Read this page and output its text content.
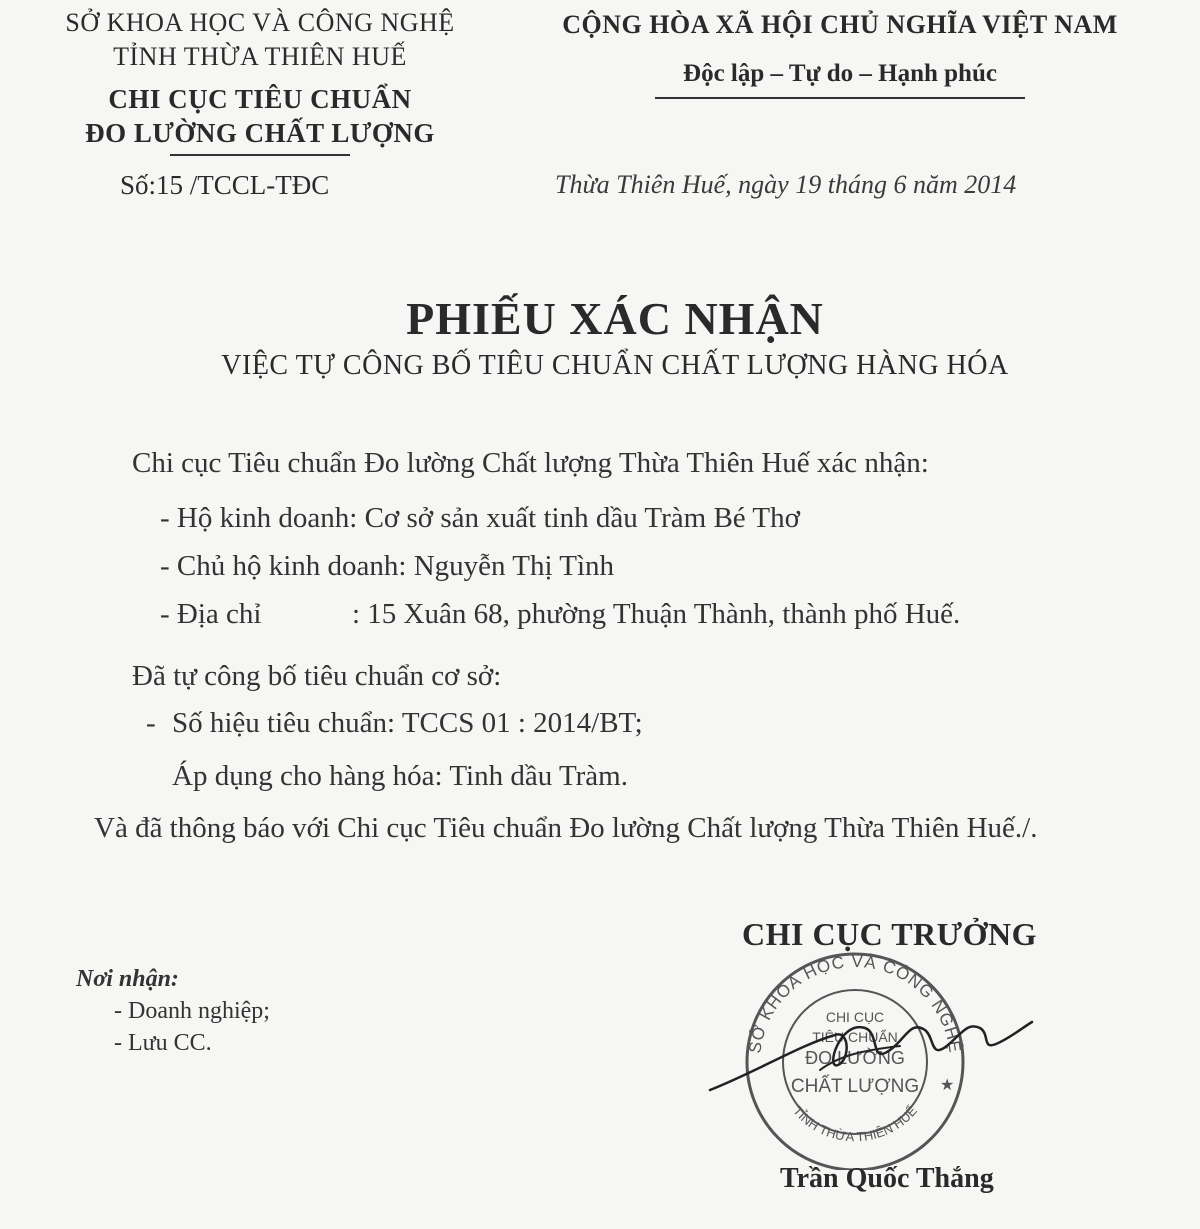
SỞ KHOA HỌC VÀ CÔNG NGHỆ
TỈNH THỪA THIÊN HUẾ
CHI CỤC TIÊU CHUẨN
ĐO LƯỜNG CHẤT LƯỢNG
Số:15 /TCCL-TĐC
CỘNG HÒA XÃ HỘI CHỦ NGHĨA VIỆT NAM
Độc lập – Tự do – Hạnh phúc
Thừa Thiên Huế, ngày 19 tháng 6 năm 2014
PHIẾU XÁC NHẬN
VIỆC TỰ CÔNG BỐ TIÊU CHUẨN CHẤT LƯỢNG HÀNG HÓA
Chi cục Tiêu chuẩn Đo lường Chất lượng Thừa Thiên Huế xác nhận:
- Hộ kinh doanh: Cơ sở sản xuất tinh dầu Tràm Bé Thơ
- Chủ hộ kinh doanh: Nguyễn Thị Tình
- Địa chỉ	: 15 Xuân 68, phường Thuận Thành, thành phố Huế.
Đã tự công bố tiêu chuẩn cơ sở:
- Số hiệu tiêu chuẩn: TCCS 01 : 2014/BT;
Áp dụng cho hàng hóa: Tinh dầu Tràm.
Và đã thông báo với Chi cục Tiêu chuẩn Đo lường Chất lượng Thừa Thiên Huế./.
Nơi nhận:
- Doanh nghiệp;
- Lưu CC.
CHI CỤC TRƯỞNG
SỞ KHOA HỌC VÀ CÔNG NGHỆ
TỈNH THỪA THIÊN HUẾ
CHI CỤC
TIÊU CHUẨN
ĐO LƯỜNG
CHẤT LƯỢNG ★
Trần Quốc Thắng
